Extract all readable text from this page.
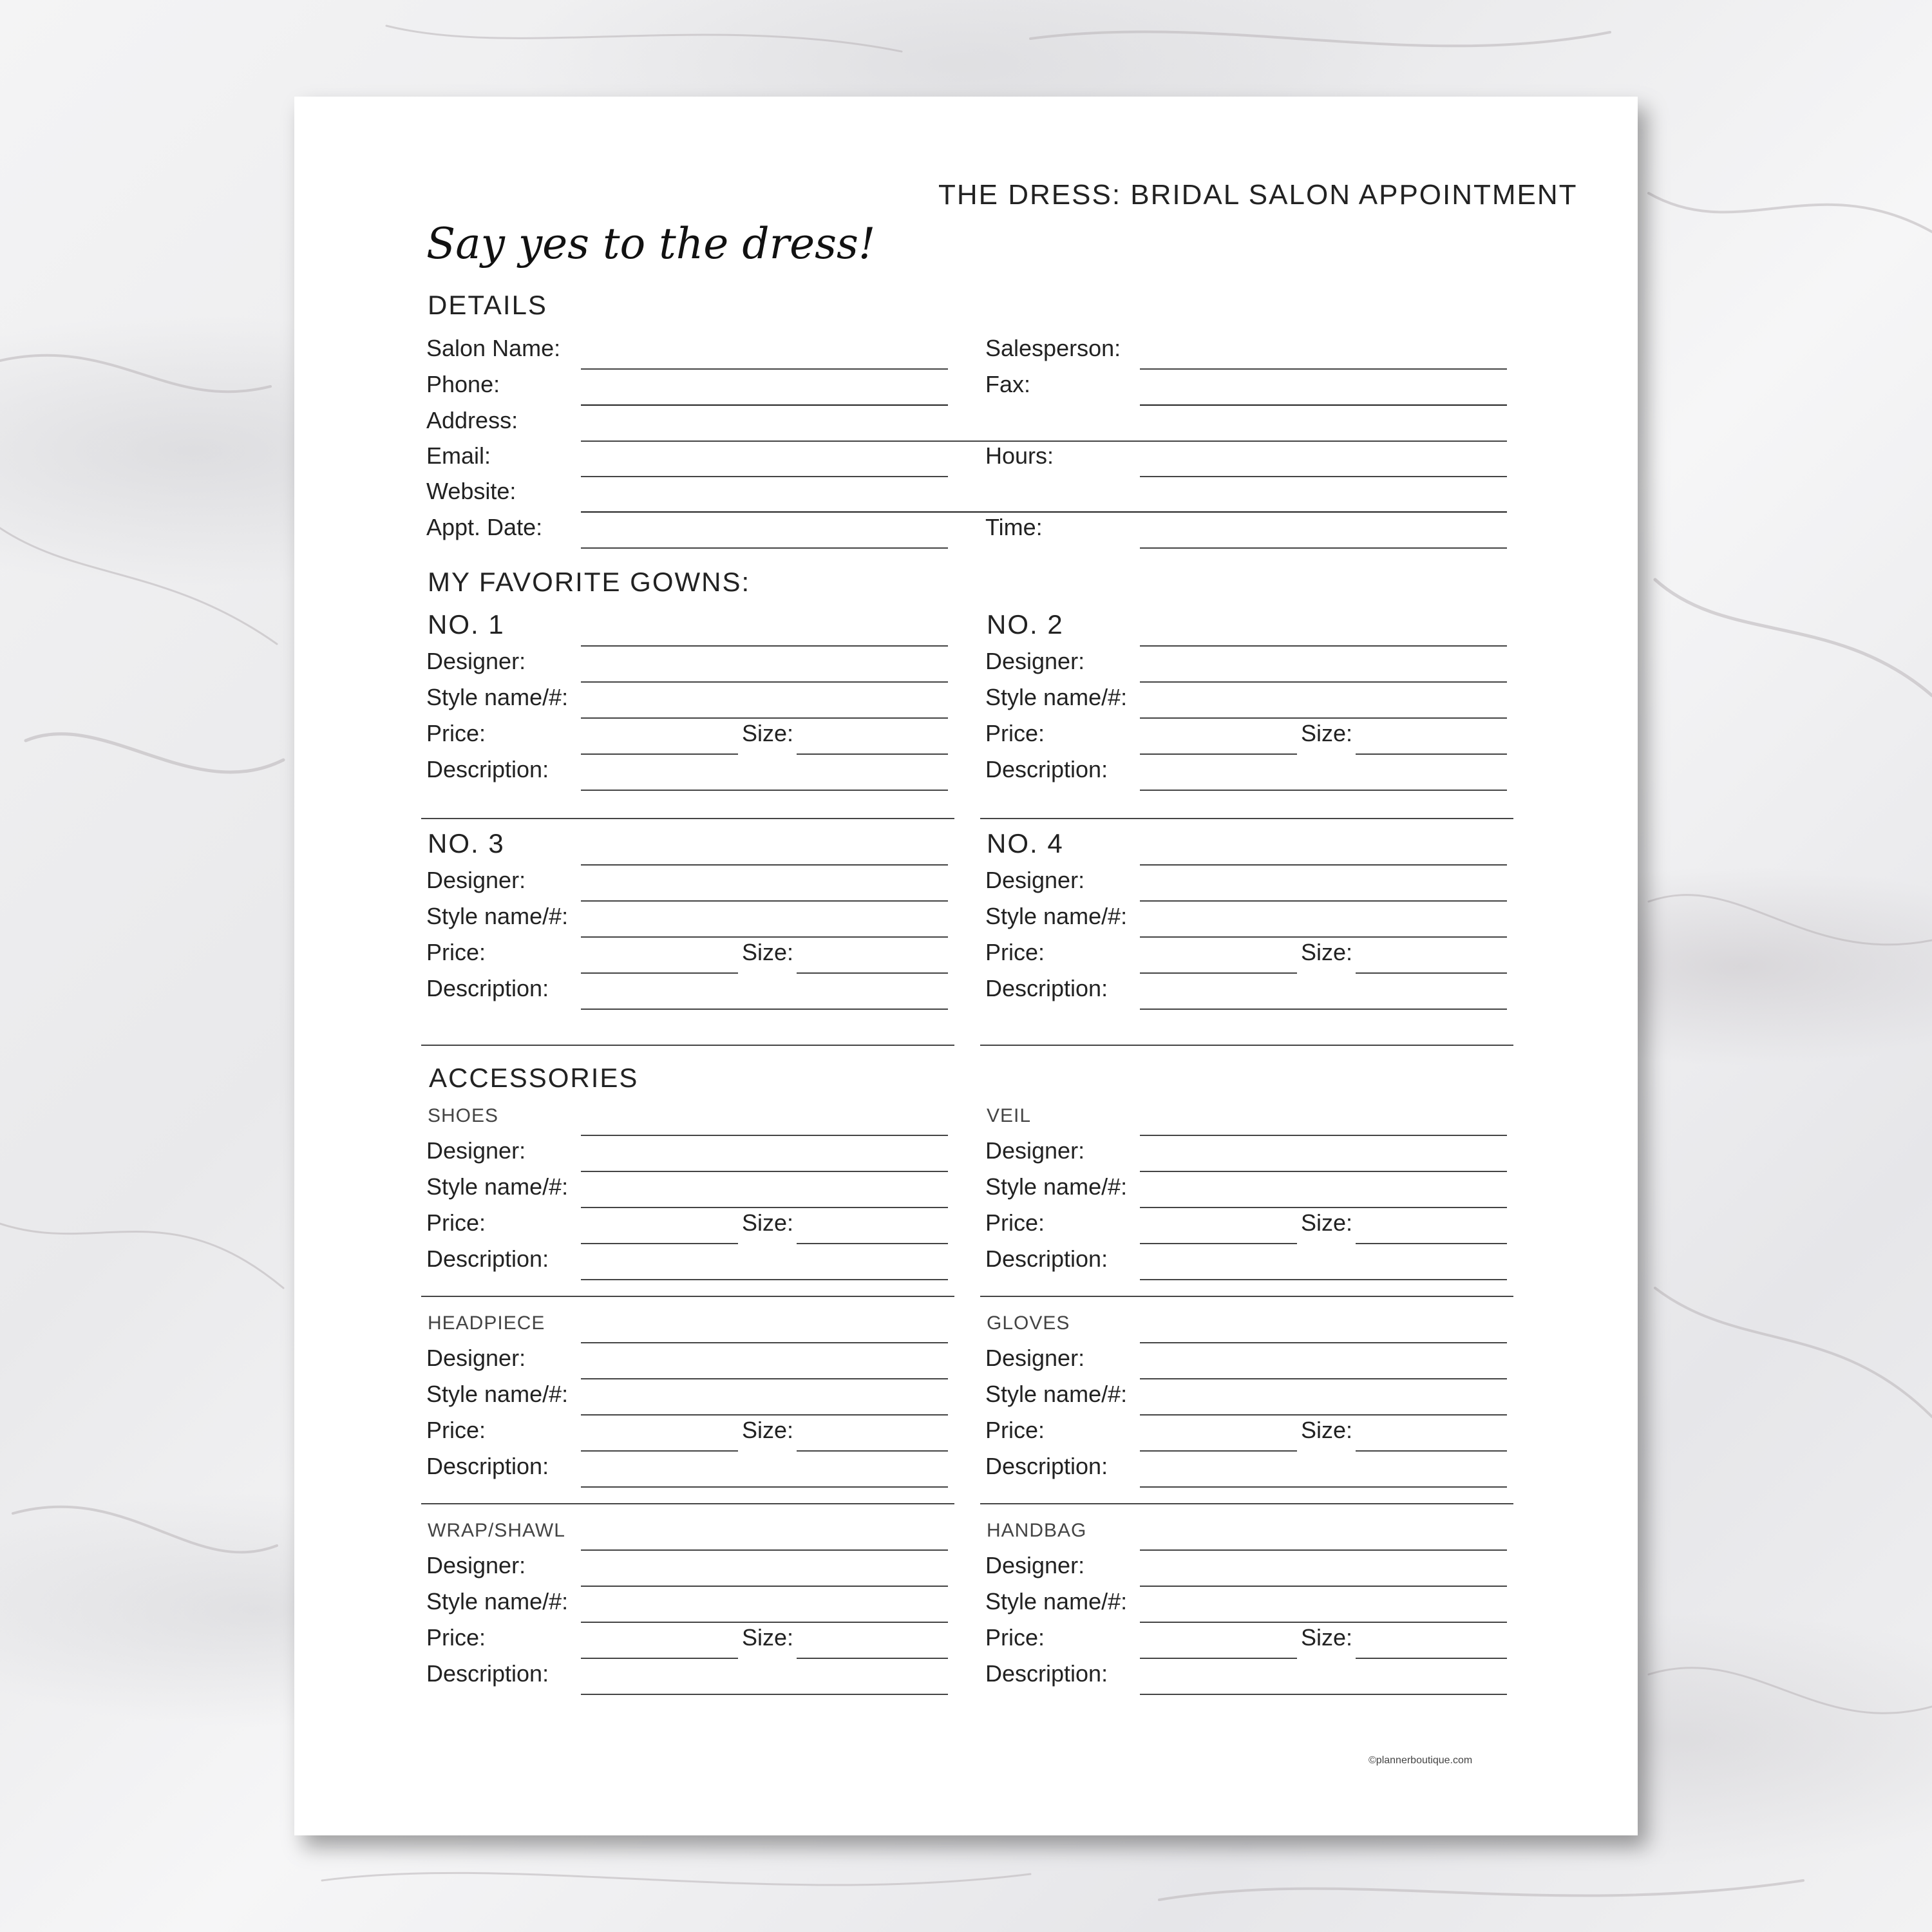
THE DRESS: BRIDAL SALON APPOINTMENT
Say yes to the dress!
DETAILS
Salon Name:	Salesperson:
Phone:	Fax:
Address:
Email:	Hours:
Website:
Appt. Date:	Time:
MY FAVORITE GOWNS:
ACCESSORIES
©plannerboutique.com
NO. 1
Designer:
Style name/#:
Price:	Size:
Description:
NO. 2
Designer:
Style name/#:
Price:	Size:
Description:
NO. 3
Designer:
Style name/#:
Price:	Size:
Description:
NO. 4
Designer:
Style name/#:
Price:	Size:
Description:
SHOES
Designer:
Style name/#:
Price:	Size:
Description:
VEIL
Designer:
Style name/#:
Price:	Size:
Description:
HEADPIECE
Designer:
Style name/#:
Price:	Size:
Description:
GLOVES
Designer:
Style name/#:
Price:	Size:
Description:
WRAP/SHAWL
Designer:
Style name/#:
Price:	Size:
Description:
HANDBAG
Designer:
Style name/#:
Price:	Size:
Description:
